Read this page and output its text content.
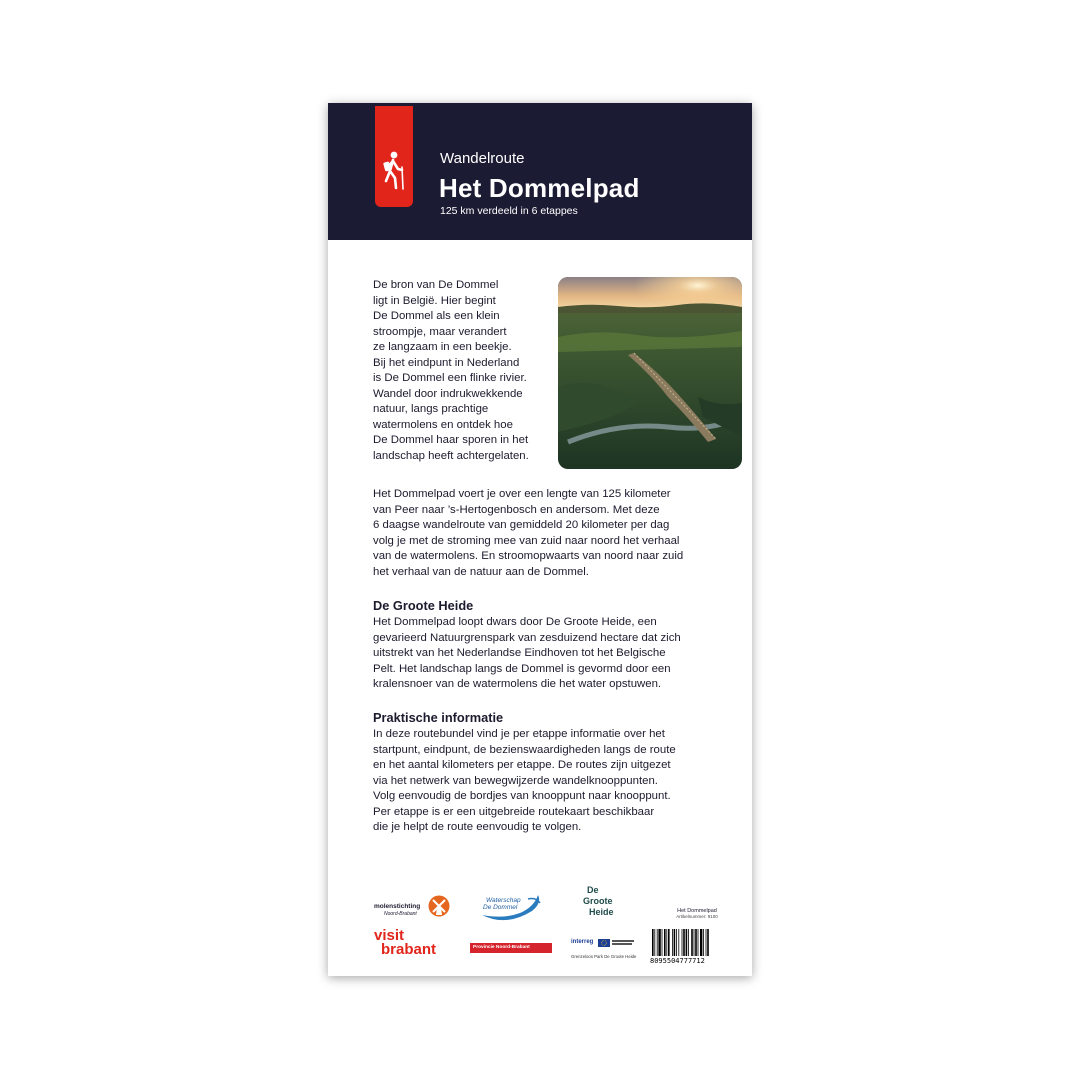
Wandelroute
Het Dommelpad
125 km verdeeld in 6 etappes
De bron van De Dommel
ligt in België. Hier begint
De Dommel als een klein
stroompje, maar verandert
ze langzaam in een beekje.
Bij het eindpunt in Nederland
is De Dommel een flinke rivier.
Wandel door indrukwekkende
natuur, langs prachtige
watermolens en ontdek hoe
De Dommel haar sporen in het
landschap heeft achtergelaten.
Het Dommelpad voert je over een lengte van 125 kilometer
van Peer naar ’s-Hertogenbosch en andersom. Met deze
6 daagse wandelroute van gemiddeld 20 kilometer per dag
volg je met de stroming mee van zuid naar noord het verhaal
van de watermolens. En stroomopwaarts van noord naar zuid
het verhaal van de natuur aan de Dommel.
De Groote Heide
Het Dommelpad loopt dwars door De Groote Heide, een
gevarieerd Natuurgrenspark van zesduizend hectare dat zich
uitstrekt van het Nederlandse Eindhoven tot het Belgische
Pelt. Het landschap langs de Dommel is gevormd door een
kralensnoer van de watermolens die het water opstuwen.
Praktische informatie
In deze routebundel vind je per etappe informatie over het
startpunt, eindpunt, de bezienswaardigheden langs de route
en het aantal kilometers per etappe. De routes zijn uitgezet
via het netwerk van bewegwijzerde wandelknooppunten.
Volg eenvoudig de bordjes van knooppunt naar knooppunt.
Per etappe is er een uitgebreide routekaart beschikbaar
die je helpt de route eenvoudig te volgen.
molenstichting
Noord-Brabant
Waterschap
De Dommel
De
Groote
Heide	Het Dommelpad
Artikelnummer: 9100
visit
brabant	Provincie Noord-Brabant
interreg
Grenzeloos Park De Groote Heide
8095504777712
